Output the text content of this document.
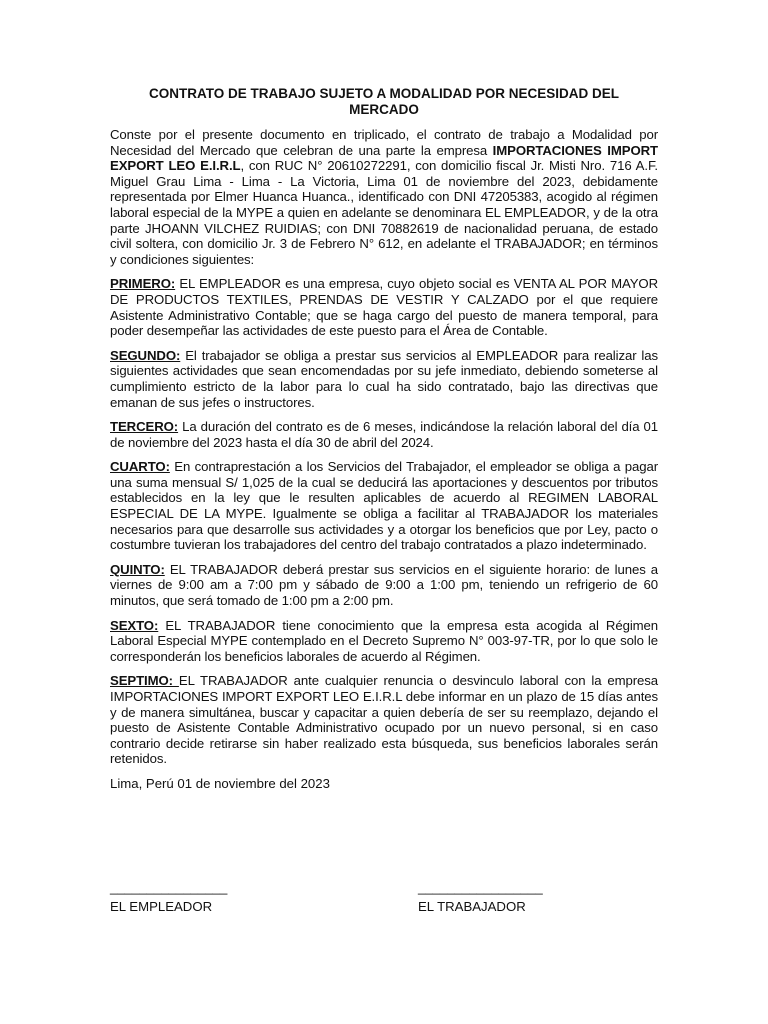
CONTRATO DE TRABAJO SUJETO A MODALIDAD POR NECESIDAD DEL MERCADO

Conste por el presente documento en triplicado, el contrato de trabajo a Modalidad por Necesidad del Mercado que celebran de una parte la empresa IMPORTACIONES IMPORT EXPORT LEO E.I.R.L, con RUC N° 20610272291, con domicilio fiscal Jr. Misti Nro. 716 A.F. Miguel Grau Lima - Lima - La Victoria, Lima 01 de noviembre del 2023, debidamente representada por Elmer Huanca Huanca., identificado con DNI 47205383, acogido al régimen laboral especial de la MYPE a quien en adelante se denominara EL EMPLEADOR, y de la otra parte JHOANN VILCHEZ RUIDIAS; con DNI 70882619 de nacionalidad peruana, de estado civil soltera, con domicilio Jr. 3 de Febrero N° 612, en adelante el TRABAJADOR; en términos y condiciones siguientes:

PRIMERO: EL EMPLEADOR es una empresa, cuyo objeto social es VENTA AL POR MAYOR DE PRODUCTOS TEXTILES, PRENDAS DE VESTIR Y CALZADO por el que requiere Asistente Administrativo Contable; que se haga cargo del puesto de manera temporal, para poder desempeñar las actividades de este puesto para el Área de Contable.

SEGUNDO: El trabajador se obliga a prestar sus servicios al EMPLEADOR para realizar las siguientes actividades que sean encomendadas por su jefe inmediato, debiendo someterse al cumplimiento estricto de la labor para lo cual ha sido contratado, bajo las directivas que emanan de sus jefes o instructores.

TERCERO: La duración del contrato es de 6 meses, indicándose la relación laboral del día 01 de noviembre del 2023 hasta el día 30 de abril del 2024.

CUARTO: En contraprestación a los Servicios del Trabajador, el empleador se obliga a pagar una suma mensual S/ 1,025 de la cual se deducirá las aportaciones y descuentos por tributos establecidos en la ley que le resulten aplicables de acuerdo al REGIMEN LABORAL ESPECIAL DE LA MYPE. Igualmente se obliga a facilitar al TRABAJADOR los materiales necesarios para que desarrolle sus actividades y a otorgar los beneficios que por Ley, pacto o costumbre tuvieran los trabajadores del centro del trabajo contratados a plazo indeterminado.

QUINTO: EL TRABAJADOR deberá prestar sus servicios en el siguiente horario: de lunes a viernes de 9:00 am a 7:00 pm y sábado de 9:00 a 1:00 pm, teniendo un refrigerio de 60 minutos, que será tomado de 1:00 pm a 2:00 pm.

SEXTO: EL TRABAJADOR tiene conocimiento que la empresa esta acogida al Régimen Laboral Especial MYPE contemplado en el Decreto Supremo N° 003-97-TR, por lo que solo le corresponderán los beneficios laborales de acuerdo al Régimen.

SEPTIMO: EL TRABAJADOR ante cualquier renuncia o desvinculo laboral con la empresa IMPORTACIONES IMPORT EXPORT LEO E.I.R.L debe informar en un plazo de 15 días antes y de manera simultánea, buscar y capacitar a quien debería de ser su reemplazo, dejando el puesto de Asistente Contable Administrativo ocupado por un nuevo personal, si en caso contrario decide retirarse sin haber realizado esta búsqueda, sus beneficios laborales serán retenidos.

Lima, Perú 01 de noviembre del 2023

________________
EL EMPLEADOR
_________________
EL TRABAJADOR
